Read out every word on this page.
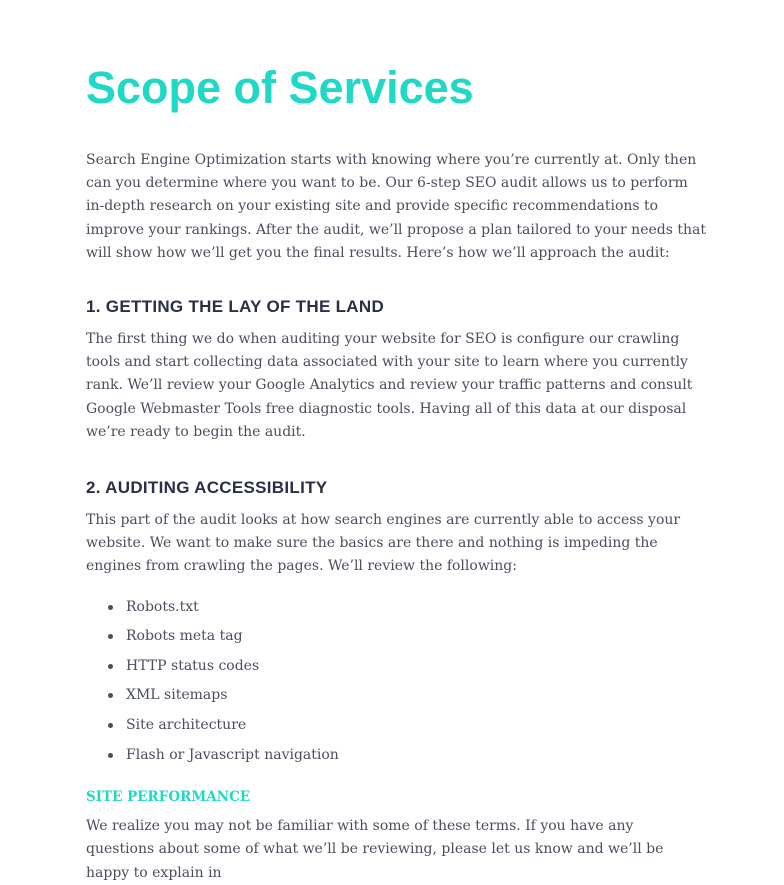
Scope of Services

Search Engine Optimization starts with knowing where you’re currently at. Only then can you determine where you want to be. Our 6-step SEO audit allows us to perform in-depth research on your existing site and provide specific recommendations to improve your rankings. After the audit, we’ll propose a plan tailored to your needs that will show how we’ll get you the final results. Here’s how we’ll approach the audit:

1. GETTING THE LAY OF THE LAND

The first thing we do when auditing your website for SEO is configure our crawling tools and start collecting data associated with your site to learn where you currently rank. We’ll review your Google Analytics and review your traffic patterns and consult Google Webmaster Tools free diagnostic tools. Having all of this data at our disposal we’re ready to begin the audit.

2. AUDITING ACCESSIBILITY

This part of the audit looks at how search engines are currently able to access your website. We want to make sure the basics are there and nothing is impeding the engines from crawling the pages. We’ll review the following:

Robots.txt
Robots meta tag
HTTP status codes
XML sitemaps
Site architecture
Flash or Javascript navigation
SITE PERFORMANCE

We realize you may not be familiar with some of these terms. If you have any questions about some of what we’ll be reviewing, please let us know and we’ll be happy to explain in
